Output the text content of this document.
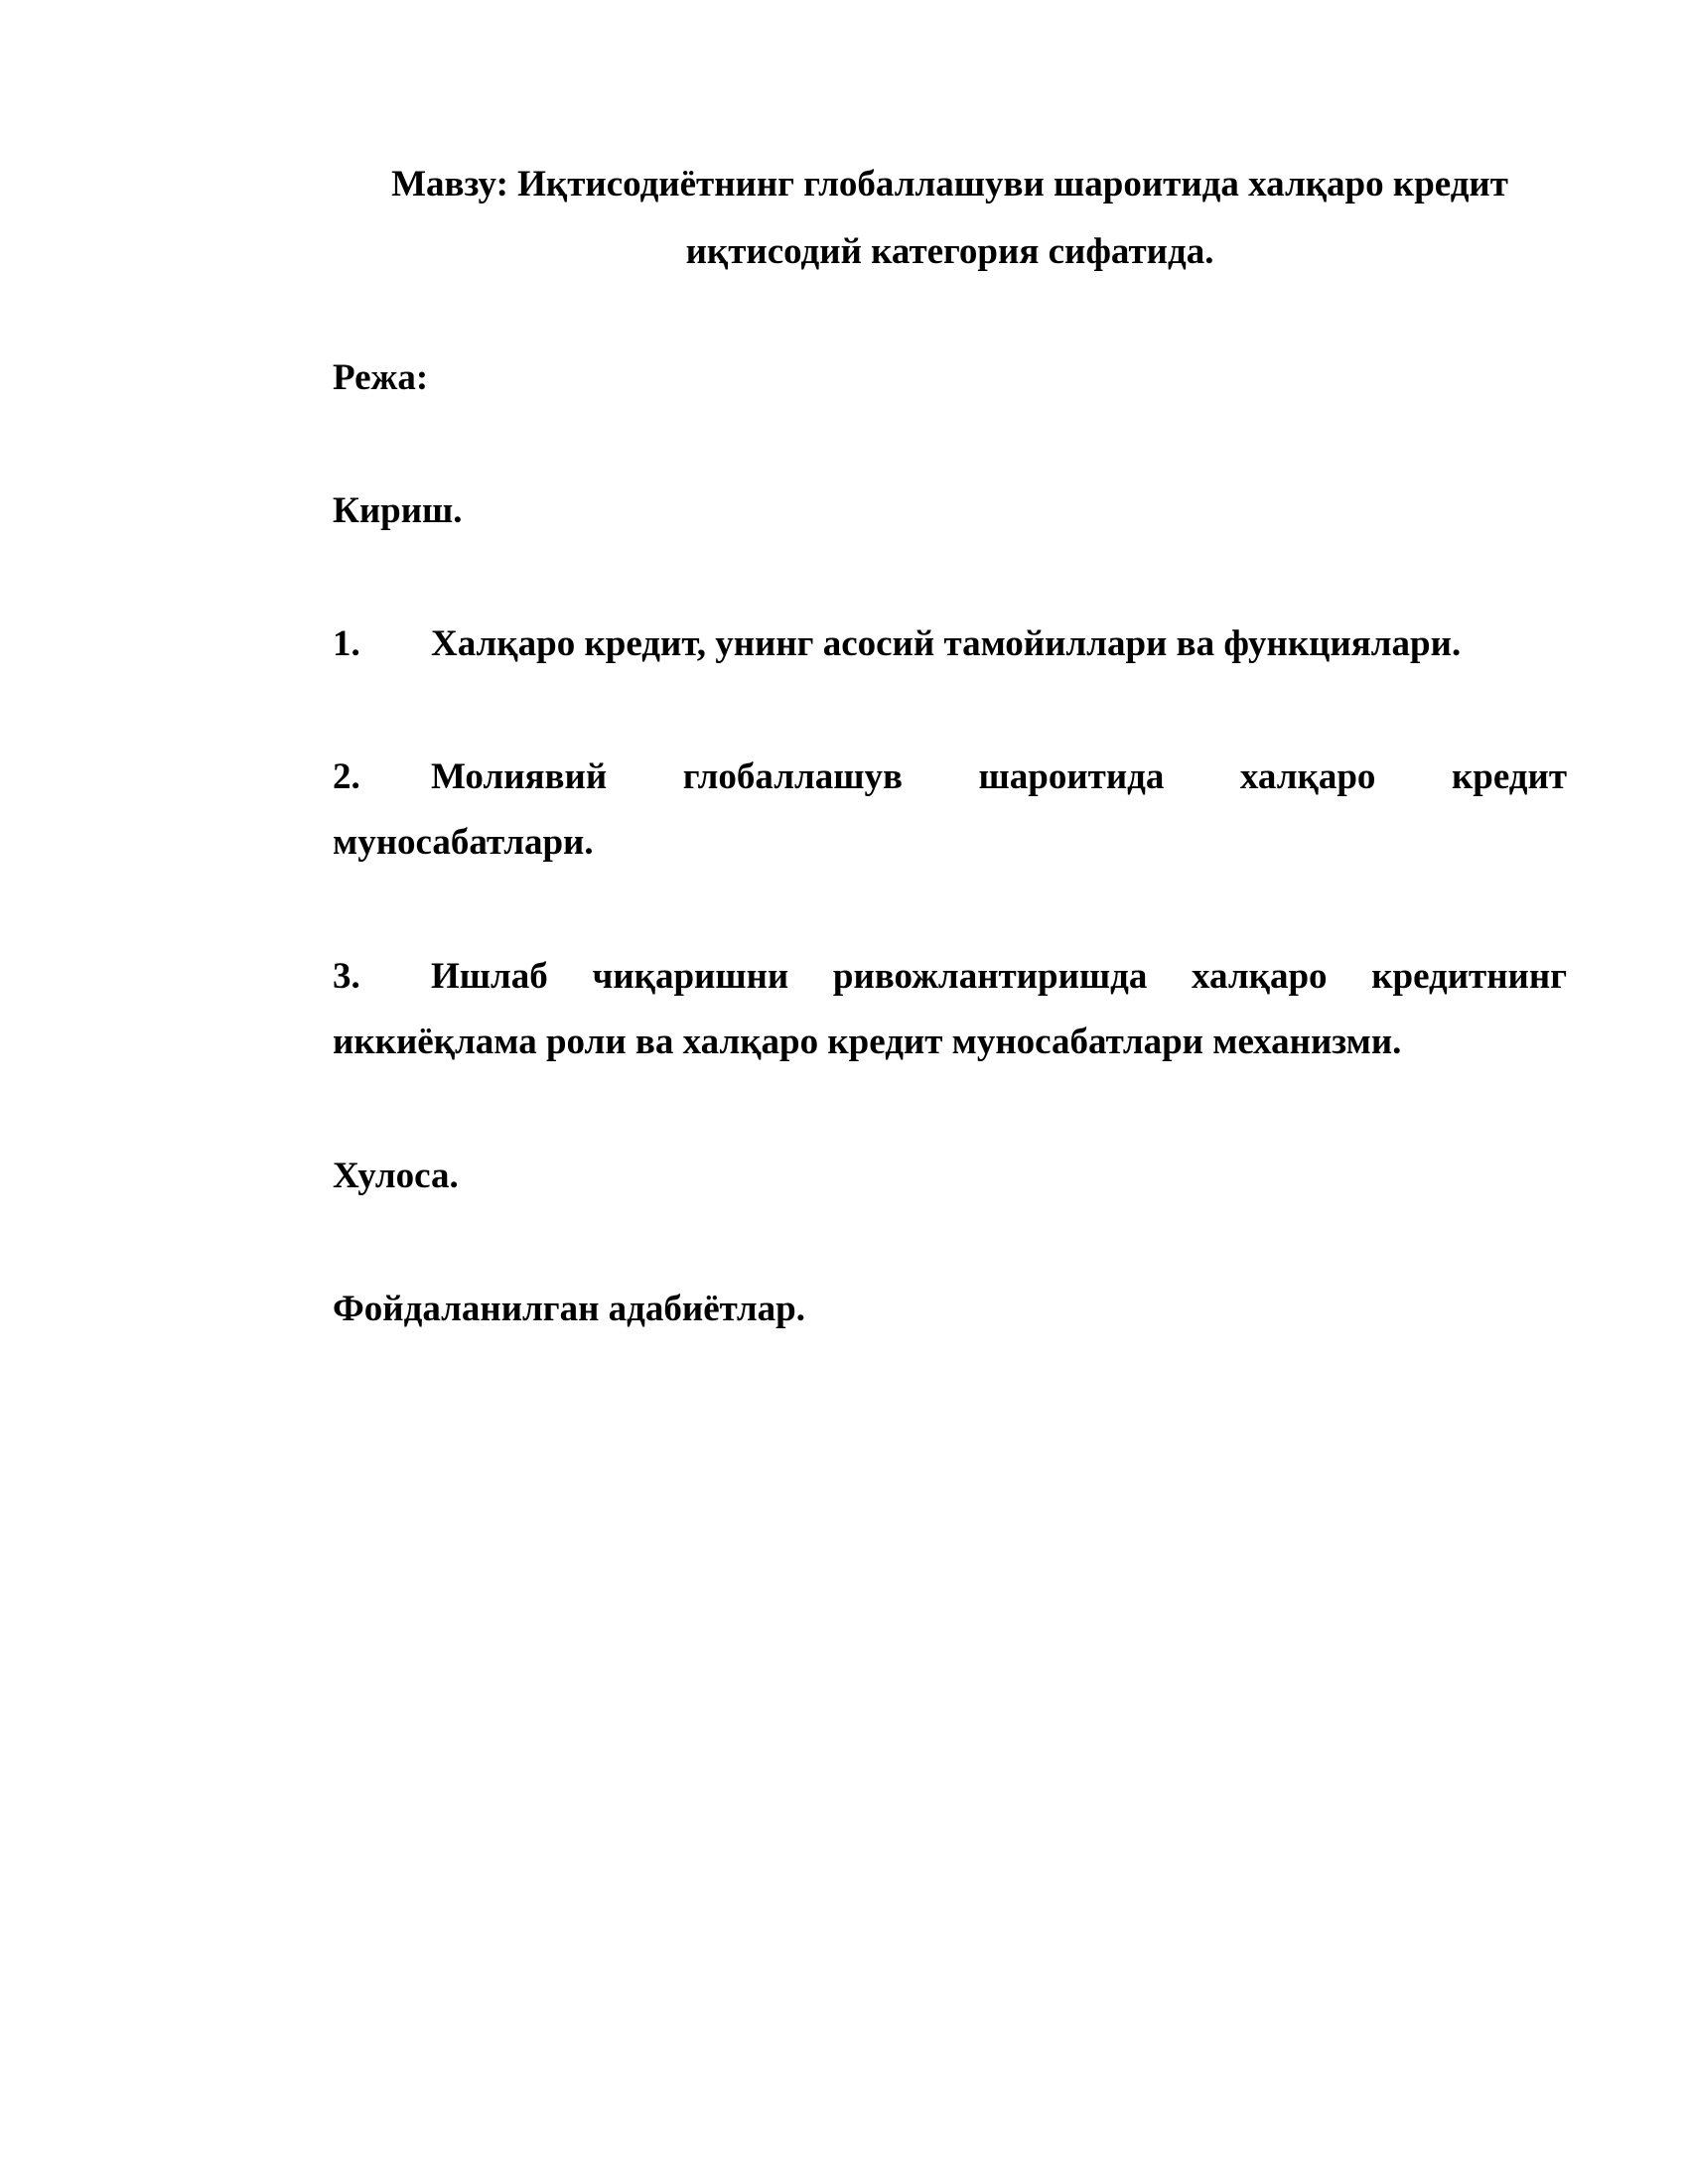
Мавзу: Иқтисодиётнинг глобаллашуви шароитида халқаро кредит
иқтисодий категория сифатида.
Режа:
Кириш.
1. Халқаро кредит, унинг асосий тамойиллари ва функциялари.
2. Молиявий глобаллашув шароитида халқаро кредит
муносабатлари.
3. Ишлаб чиқаришни ривожлантиришда халқаро кредитнинг
иккиёқлама роли ва халқаро кредит муносабатлари механизми.
Хулоса.
Фойдаланилган адабиётлар.
